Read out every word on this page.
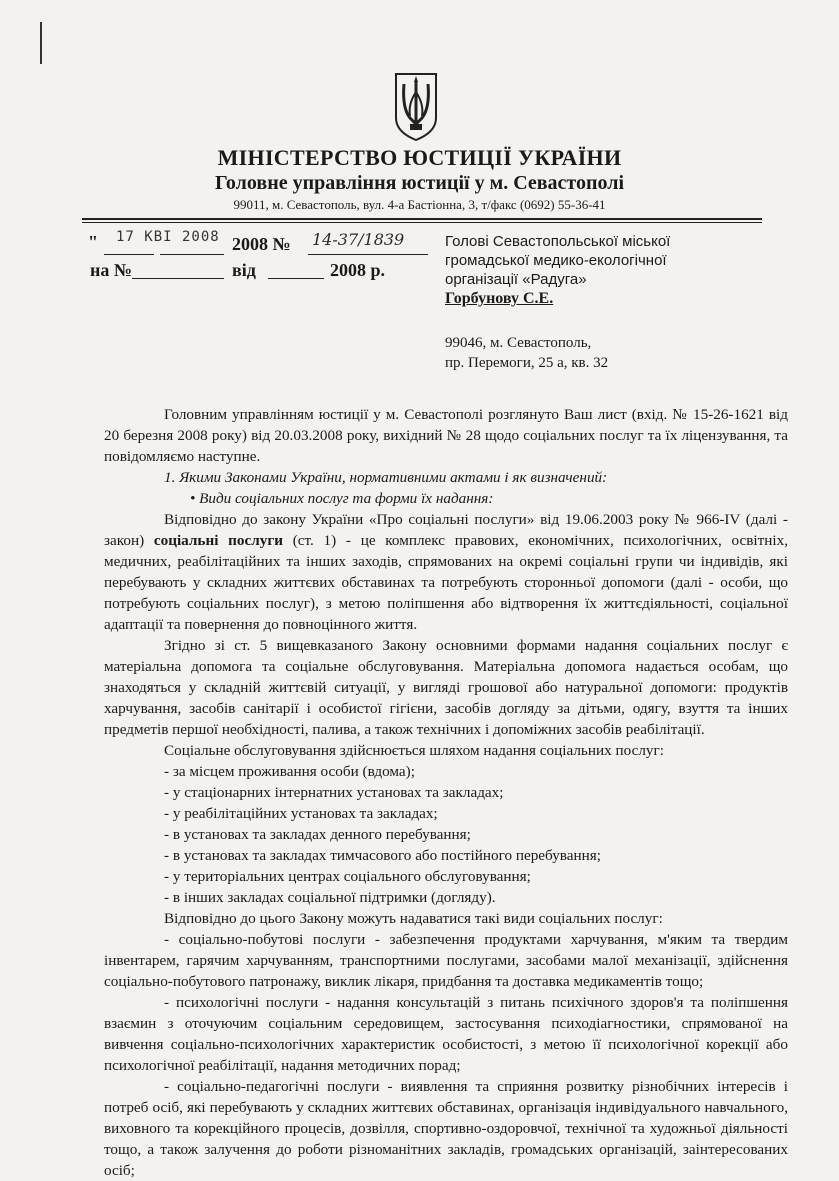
МІНІСТЕРСТВО ЮСТИЦІЇ УКРАЇНИ
Головне управління юстиції у м. Севастополі
99011, м. Севастополь, вул. 4-а Бастіонна, 3, т/факс (0692) 55-36-41
" 17 КВІ 2008 2008 № 14-37/1839
на №	від	2008 р.
Голові Севастопольської міської
громадської медико-екологічної
організації «Радуга»
Горбунову С.Е.
99046, м. Севастополь,
пр. Перемоги, 25 а, кв. 32

Головним управлінням юстиції у м. Севастополі розглянуто Ваш лист (вхід. № 15-26-1621 від 20 березня 2008 року) від 20.03.2008 року, вихідний № 28 щодо соціальних послуг та їх ліцензування, та повідомляємо наступне.

1. Якими Законами України, нормативними актами і як визначений:

• Види соціальних послуг та форми їх надання:

Відповідно до закону України «Про соціальні послуги» від 19.06.2003 року № 966-IV (далі - закон) соціальні послуги (ст. 1) - це комплекс правових, економічних, психологічних, освітніх, медичних, реабілітаційних та інших заходів, спрямованих на окремі соціальні групи чи індивідів, які перебувають у складних життєвих обставинах та потребують сторонньої допомоги (далі - особи, що потребують соціальних послуг), з метою поліпшення або відтворення їх життєдіяльності, соціальної адаптації та повернення до повноцінного життя.

Згідно зі ст. 5 вищевказаного Закону основними формами надання соціальних послуг є матеріальна допомога та соціальне обслуговування. Матеріальна допомога надається особам, що знаходяться у складній життєвій ситуації, у вигляді грошової або натуральної допомоги: продуктів харчування, засобів санітарії і особистої гігієни, засобів догляду за дітьми, одягу, взуття та інших предметів першої необхідності, палива, а також технічних і допоміжних засобів реабілітації.

Соціальне обслуговування здійснюється шляхом надання соціальних послуг:

- за місцем проживання особи (вдома);

- у стаціонарних інтернатних установах та закладах;

- у реабілітаційних установах та закладах;

- в установах та закладах денного перебування;

- в установах та закладах тимчасового або постійного перебування;

- у територіальних центрах соціального обслуговування;

- в інших закладах соціальної підтримки (догляду).

Відповідно до цього Закону можуть надаватися такі види соціальних послуг:

- соціально-побутові послуги - забезпечення продуктами харчування, м'яким та твердим інвентарем, гарячим харчуванням, транспортними послугами, засобами малої механізації, здійснення соціально-побутового патронажу, виклик лікаря, придбання та доставка медикаментів тощо;

- психологічні послуги - надання консультацій з питань психічного здоров'я та поліпшення взаємин з оточуючим соціальним середовищем, застосування психодіагностики, спрямованої на вивчення соціально-психологічних характеристик особистості, з метою її психологічної корекції або психологічної реабілітації, надання методичних порад;

- соціально-педагогічні послуги - виявлення та сприяння розвитку різнобічних інтересів і потреб осіб, які перебувають у складних життєвих обставинах, організація індивідуального навчального, виховного та корекційного процесів, дозвілля, спортивно-оздоровчої, технічної та художньої діяльності тощо, а також залучення до роботи різноманітних закладів, громадських організацій, заінтересованих осіб;
